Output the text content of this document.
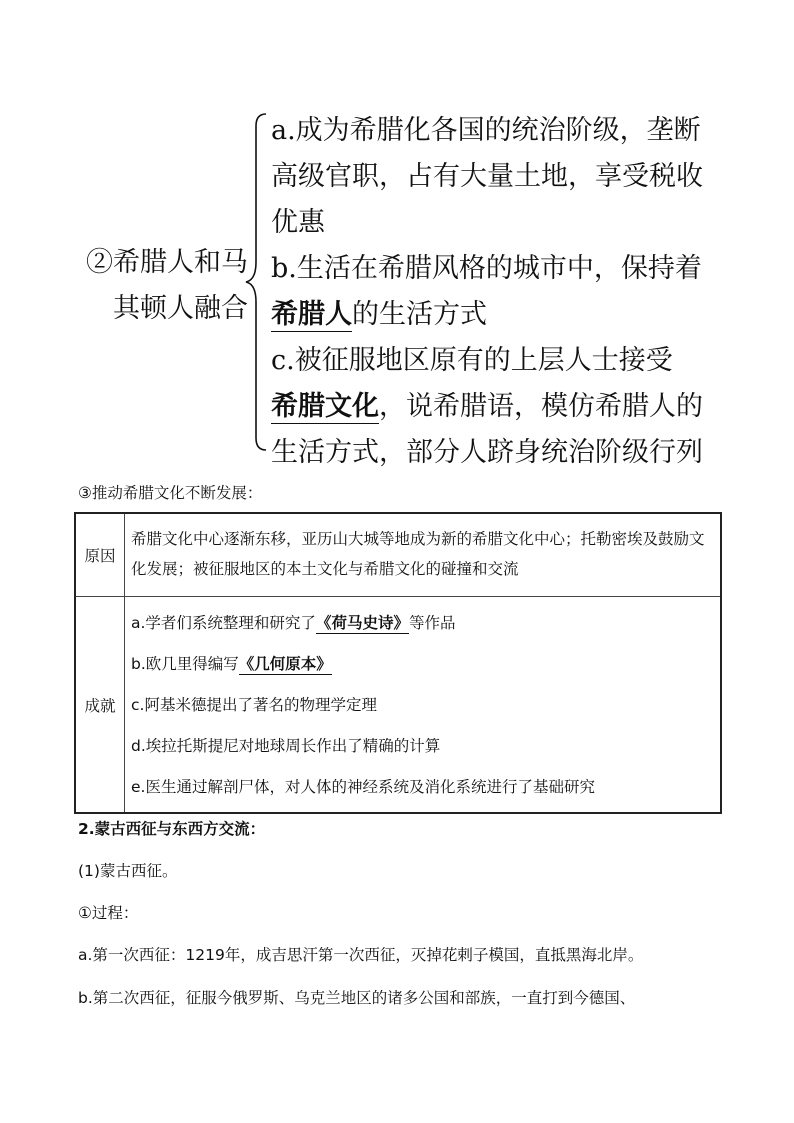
②希腊人和马
其顿人融合

a.成为希腊化各国的统治阶级，垄断

高级官职，占有大量土地，享受税收

优惠

b.生活在希腊风格的城市中，保持着

希腊人的生活方式

c.被征服地区原有的上层人士接受

希腊文化，说希腊语，模仿希腊人的

生活方式，部分人跻身统治阶级行列

③推动希腊文化不断发展：
原因	希腊文化中心逐渐东移，亚历山大城等地成为新的希腊文化中心；托勒密埃及鼓励文化发展；被征服地区的本土文化与希腊文化的碰撞和交流
成就	a.学者们系统整理和研究了《荷马史诗》等作品
b.欧几里得编写《几何原本》
c.阿基米德提出了著名的物理学定理
d.埃拉托斯提尼对地球周长作出了精确的计算
e.医生通过解剖尸体，对人体的神经系统及消化系统进行了基础研究
2.蒙古西征与东西方交流：
(1)蒙古西征。
①过程：
a.第一次西征：1219年，成吉思汗第一次西征，灭掉花剌子模国，直抵黑海北岸。
b.第二次西征，征服今俄罗斯、乌克兰地区的诸多公国和部族，一直打到今德国、
